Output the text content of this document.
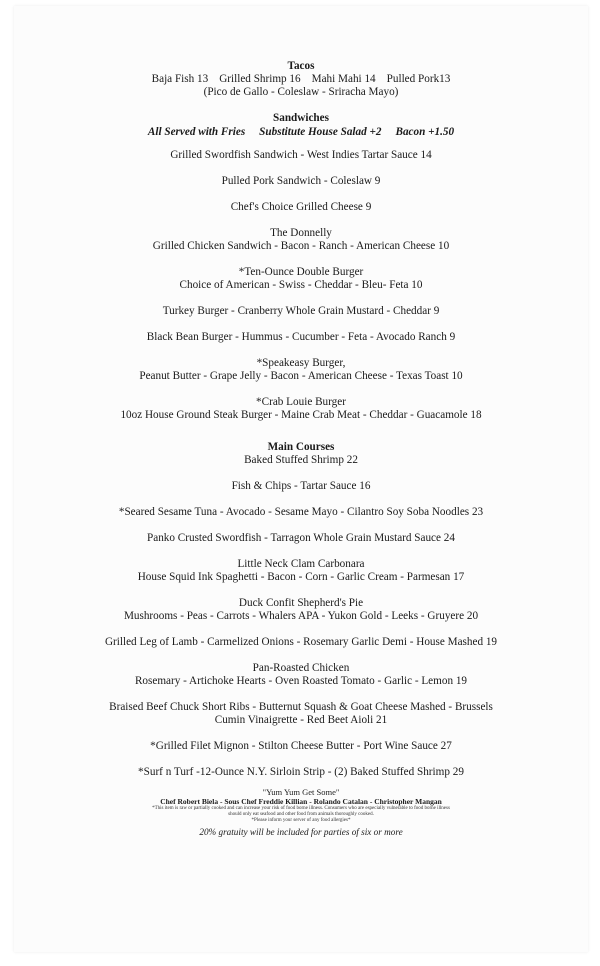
Tacos
Baja Fish 13 Grilled Shrimp 16 Mahi Mahi 14 Pulled Pork13
(Pico de Gallo - Coleslaw - Sriracha Mayo)
Sandwiches
All Served with Fries Substitute House Salad +2 Bacon +1.50
Grilled Swordfish Sandwich - West Indies Tartar Sauce 14
Pulled Pork Sandwich - Coleslaw 9
Chef's Choice Grilled Cheese 9
The Donnelly
Grilled Chicken Sandwich - Bacon - Ranch - American Cheese 10
*Ten-Ounce Double Burger
Choice of American - Swiss - Cheddar - Bleu- Feta 10
Turkey Burger - Cranberry Whole Grain Mustard - Cheddar 9
Black Bean Burger - Hummus - Cucumber - Feta - Avocado Ranch 9
*Speakeasy Burger,
Peanut Butter - Grape Jelly - Bacon - American Cheese - Texas Toast 10
*Crab Louie Burger
10oz House Ground Steak Burger - Maine Crab Meat - Cheddar - Guacamole 18
Main Courses
Baked Stuffed Shrimp 22
Fish & Chips - Tartar Sauce 16
*Seared Sesame Tuna - Avocado - Sesame Mayo - Cilantro Soy Soba Noodles 23
Panko Crusted Swordfish - Tarragon Whole Grain Mustard Sauce 24
Little Neck Clam Carbonara
House Squid Ink Spaghetti - Bacon - Corn - Garlic Cream - Parmesan 17
Duck Confit Shepherd's Pie
Mushrooms - Peas - Carrots - Whalers APA - Yukon Gold - Leeks - Gruyere 20
Grilled Leg of Lamb - Carmelized Onions - Rosemary Garlic Demi - House Mashed 19
Pan-Roasted Chicken
Rosemary - Artichoke Hearts - Oven Roasted Tomato - Garlic - Lemon 19
Braised Beef Chuck Short Ribs - Butternut Squash & Goat Cheese Mashed - Brussels
Cumin Vinaigrette - Red Beet Aioli 21
*Grilled Filet Mignon - Stilton Cheese Butter - Port Wine Sauce 27
*Surf n Turf -12-Ounce N.Y. Sirloin Strip - (2) Baked Stuffed Shrimp 29
"Yum Yum Get Some"
Chef Robert Biela - Sous Chef Freddie Killian - Rolando Catalan - Christopher Mangan
*This item is raw or partially cooked and can increase your risk of food borne illness. Consumers who are especially vulnerable to food borne illness
should only eat seafood and other food from animals thoroughly cooked.
*Please inform your server of any food allergies*
20% gratuity will be included for parties of six or more
